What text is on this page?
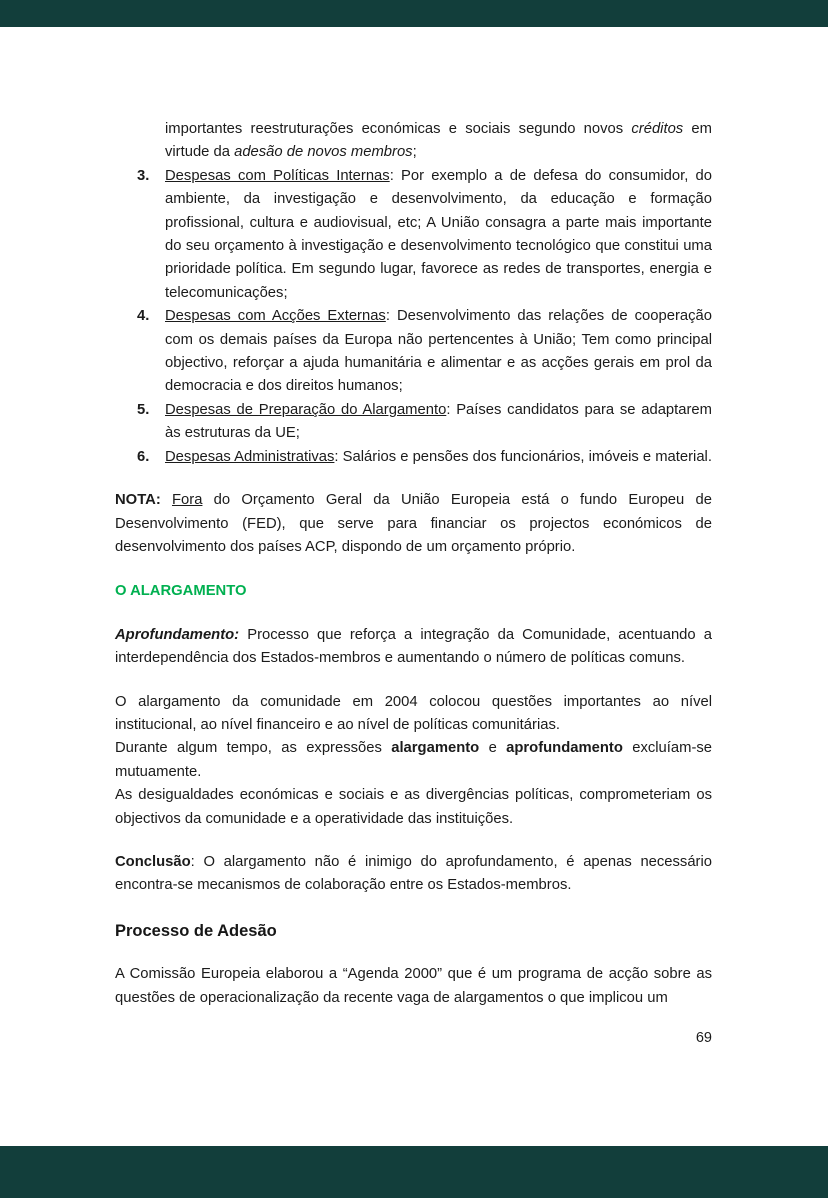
importantes reestruturações económicas e sociais segundo novos créditos em virtude da adesão de novos membros;

3.	Despesas com Políticas Internas: Por exemplo a de defesa do consumidor, do ambiente, da investigação e desenvolvimento, da educação e formação profissional, cultura e audiovisual, etc; A União consagra a parte mais importante do seu orçamento à investigação e desenvolvimento tecnológico que constitui uma prioridade política. Em segundo lugar, favorece as redes de transportes, energia e telecomunicações;
4.	Despesas com Acções Externas: Desenvolvimento das relações de cooperação com os demais países da Europa não pertencentes à União; Tem como principal objectivo, reforçar a ajuda humanitária e alimentar e as acções gerais em prol da democracia e dos direitos humanos;
5.	Despesas de Preparação do Alargamento: Países candidatos para se adaptarem às estruturas da UE;
6.	Despesas Administrativas: Salários e pensões dos funcionários, imóveis e material.

NOTA: Fora do Orçamento Geral da União Europeia está o fundo Europeu de Desenvolvimento (FED), que serve para financiar os projectos económicos de desenvolvimento dos países ACP, dispondo de um orçamento próprio.

O ALARGAMENTO

Aprofundamento: Processo que reforça a integração da Comunidade, acentuando a interdependência dos Estados-membros e aumentando o número de políticas comuns.

O alargamento da comunidade em 2004 colocou questões importantes ao nível institucional, ao nível financeiro e ao nível de políticas comunitárias.

Durante algum tempo, as expressões alargamento e aprofundamento excluíam-se mutuamente.

As desigualdades económicas e sociais e as divergências políticas, comprometeriam os objectivos da comunidade e a operatividade das instituições.

Conclusão: O alargamento não é inimigo do aprofundamento, é apenas necessário encontra-se mecanismos de colaboração entre os Estados-membros.

Processo de Adesão

A Comissão Europeia elaborou a “Agenda 2000” que é um programa de acção sobre as questões de operacionalização da recente vaga de alargamentos o que implicou um

69
